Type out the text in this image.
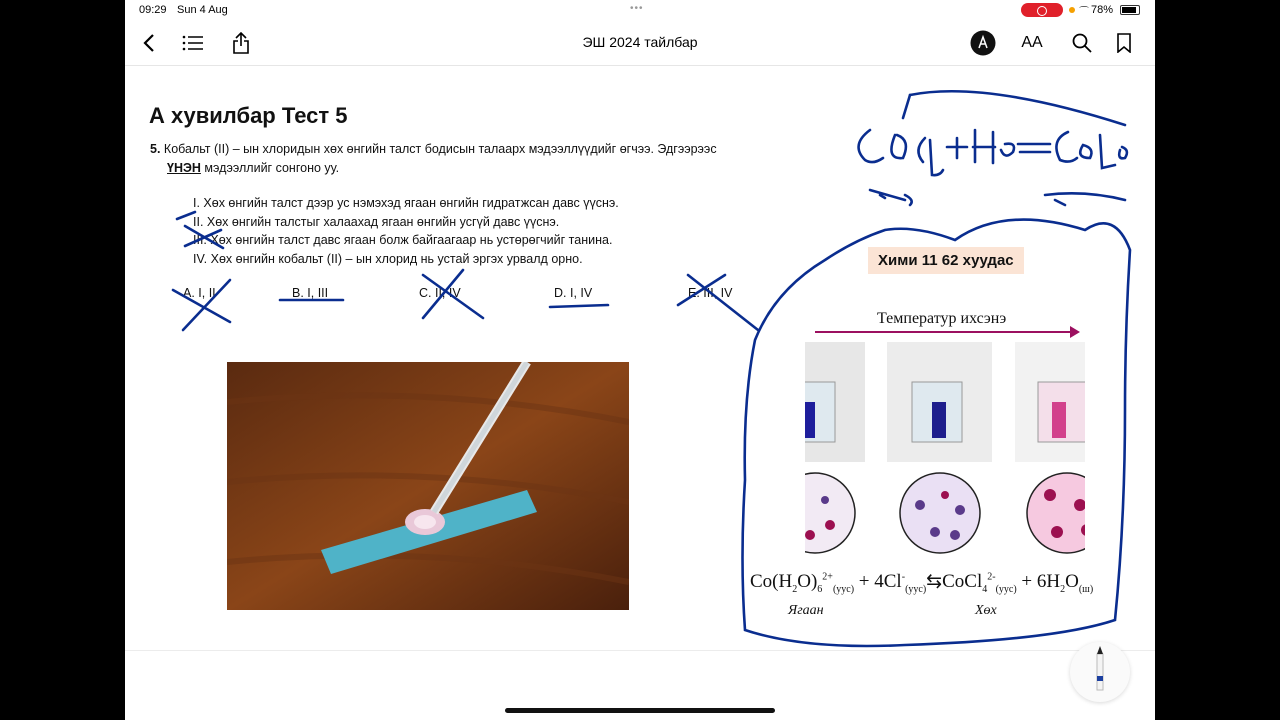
09:29 Sun 4 Aug	•••	⌒ 78%
ЭШ 2024 тайлбар	AA
А хувилбар Тест 5
5. Кобальт (II) – ын хлоридын хөх өнгийн талст бодисын талаарх мэдээллүүдийг өгчээ. Эдгээрээс
ҮНЭН мэдээллийг сонгоно уу.
I. Хөх өнгийн талст дээр ус нэмэхэд ягаан өнгийн гидратжсан давс үүснэ.
II. Хөх өнгийн талстыг халаахад ягаан өнгийн усгүй давс үүснэ.
III. Хөх өнгийн талст давс ягаан болж байгаагаар нь устөрөгчийг танина.
IV. Хөх өнгийн кобальт (II) – ын хлорид нь устай эргэх урвалд орно.
A. I, II	B. I, III	C. II, IV	D. I, IV	E. III, IV
Хими 11 62 хуудас
Температур ихсэнэ
$Co(H_2O)_6^{2+}_{(уус)}$ + $4Cl^-_{(уус)}⇆CoCl_4^{2-}_{(уус)} + 6H_2O_{(ш)}$
Ягаан	Хөх
